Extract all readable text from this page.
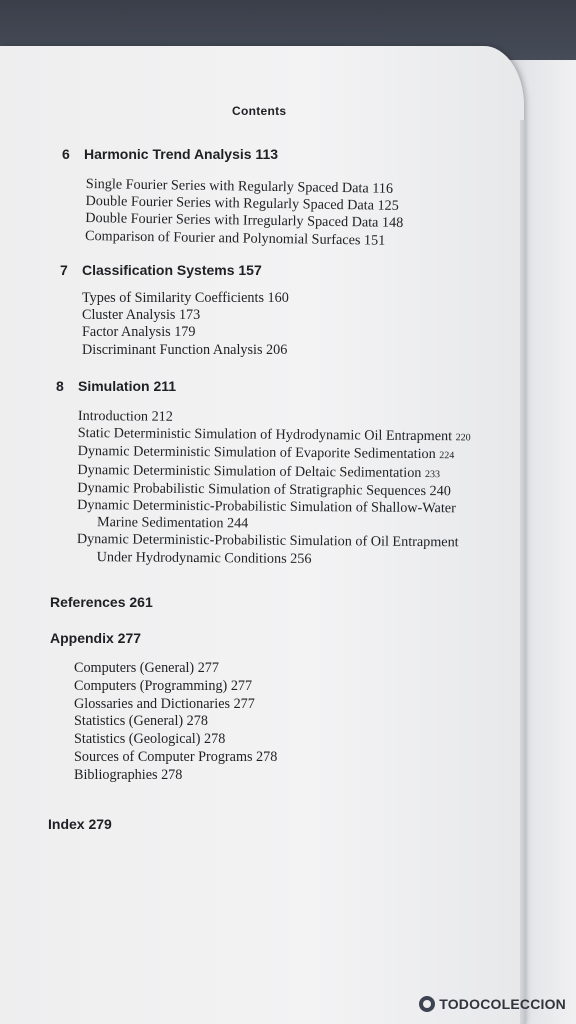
Contents
6 Harmonic Trend Analysis 113
Single Fourier Series with Regularly Spaced Data 116
Double Fourier Series with Regularly Spaced Data 125
Double Fourier Series with Irregularly Spaced Data 148
Comparison of Fourier and Polynomial Surfaces 151
7 Classification Systems 157
Types of Similarity Coefficients 160
Cluster Analysis 173
Factor Analysis 179
Discriminant Function Analysis 206
8 Simulation 211
Introduction 212
Static Deterministic Simulation of Hydrodynamic Oil Entrapment 220
Dynamic Deterministic Simulation of Evaporite Sedimentation 224
Dynamic Deterministic Simulation of Deltaic Sedimentation 233
Dynamic Probabilistic Simulation of Stratigraphic Sequences 240
Dynamic Deterministic-Probabilistic Simulation of Shallow-Water
Marine Sedimentation 244
Dynamic Deterministic-Probabilistic Simulation of Oil Entrapment
Under Hydrodynamic Conditions 256
References 261
Appendix 277
Computers (General) 277
Computers (Programming) 277
Glossaries and Dictionaries 277
Statistics (General) 278
Statistics (Geological) 278
Sources of Computer Programs 278
Bibliographies 278
Index 279
TODOCOLECCION
